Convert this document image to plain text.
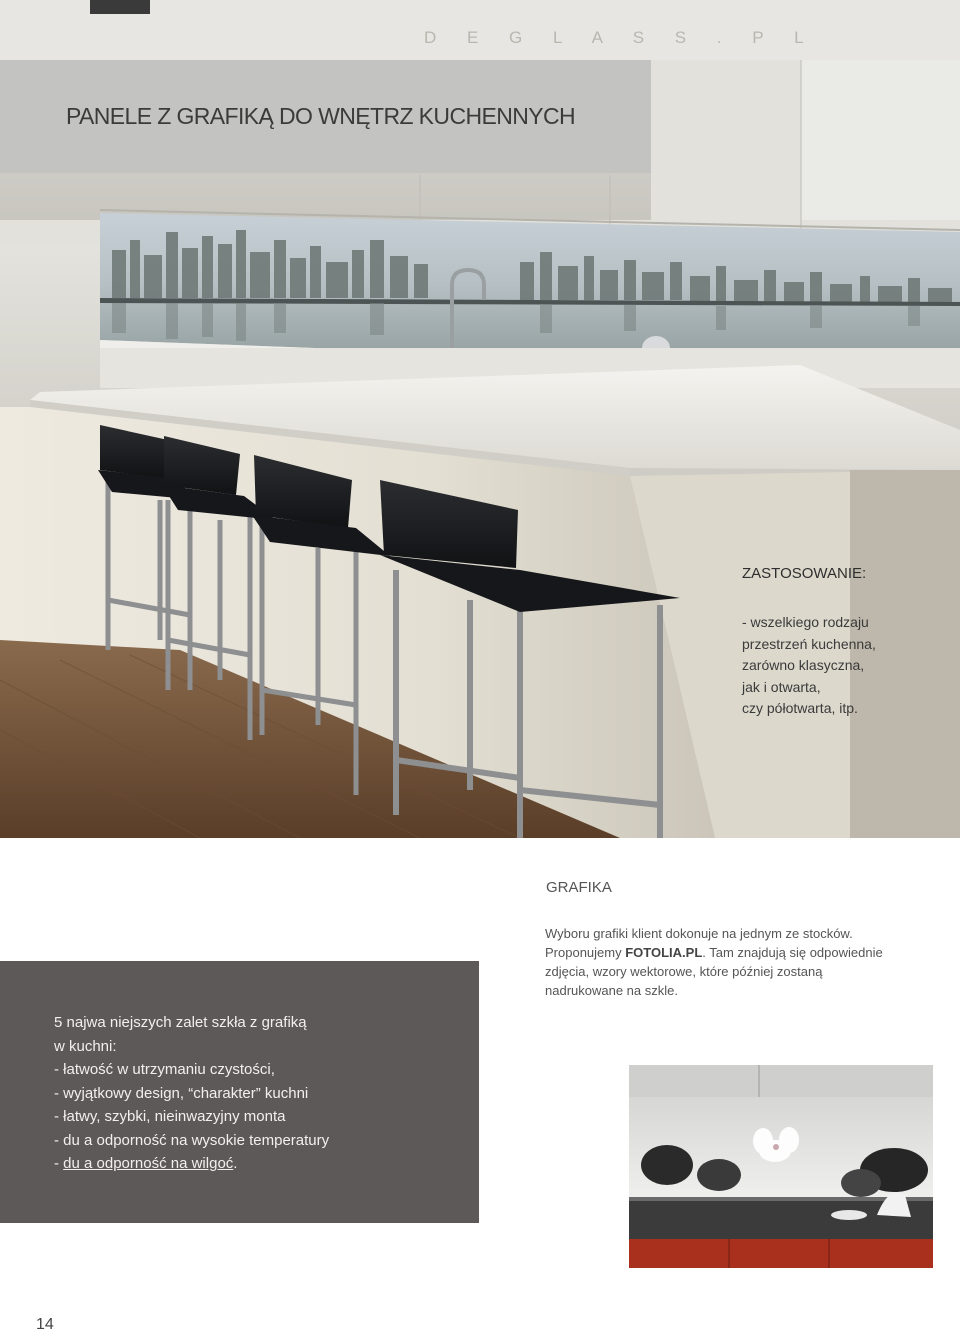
D E G L A S S . P L
PANELE Z GRAFIKĄ DO WNĘTRZ KUCHENNYCH
ZASTOSOWANIE:
- wszelkiego rodzaju
przestrzeń kuchenna,
zarówno klasyczna,
jak i otwarta,
czy półotwarta, itp.
GRAFIKA
Wyboru grafiki klient dokonuje na jednym ze stocków.
Proponujemy FOTOLIA.PL. Tam znajdują się odpowiednie
zdjęcia, wzory wektorowe, które później zostaną
nadrukowane na szkle.
5 najwa niejszych zalet szkła z grafiką
w kuchni:
- łatwość w utrzymaniu czystości,
- wyjątkowy design, “charakter” kuchni
- łatwy, szybki, nieinwazyjny monta
- du a odporność na wysokie temperatury
- du a odporność na wilgoć.
14
